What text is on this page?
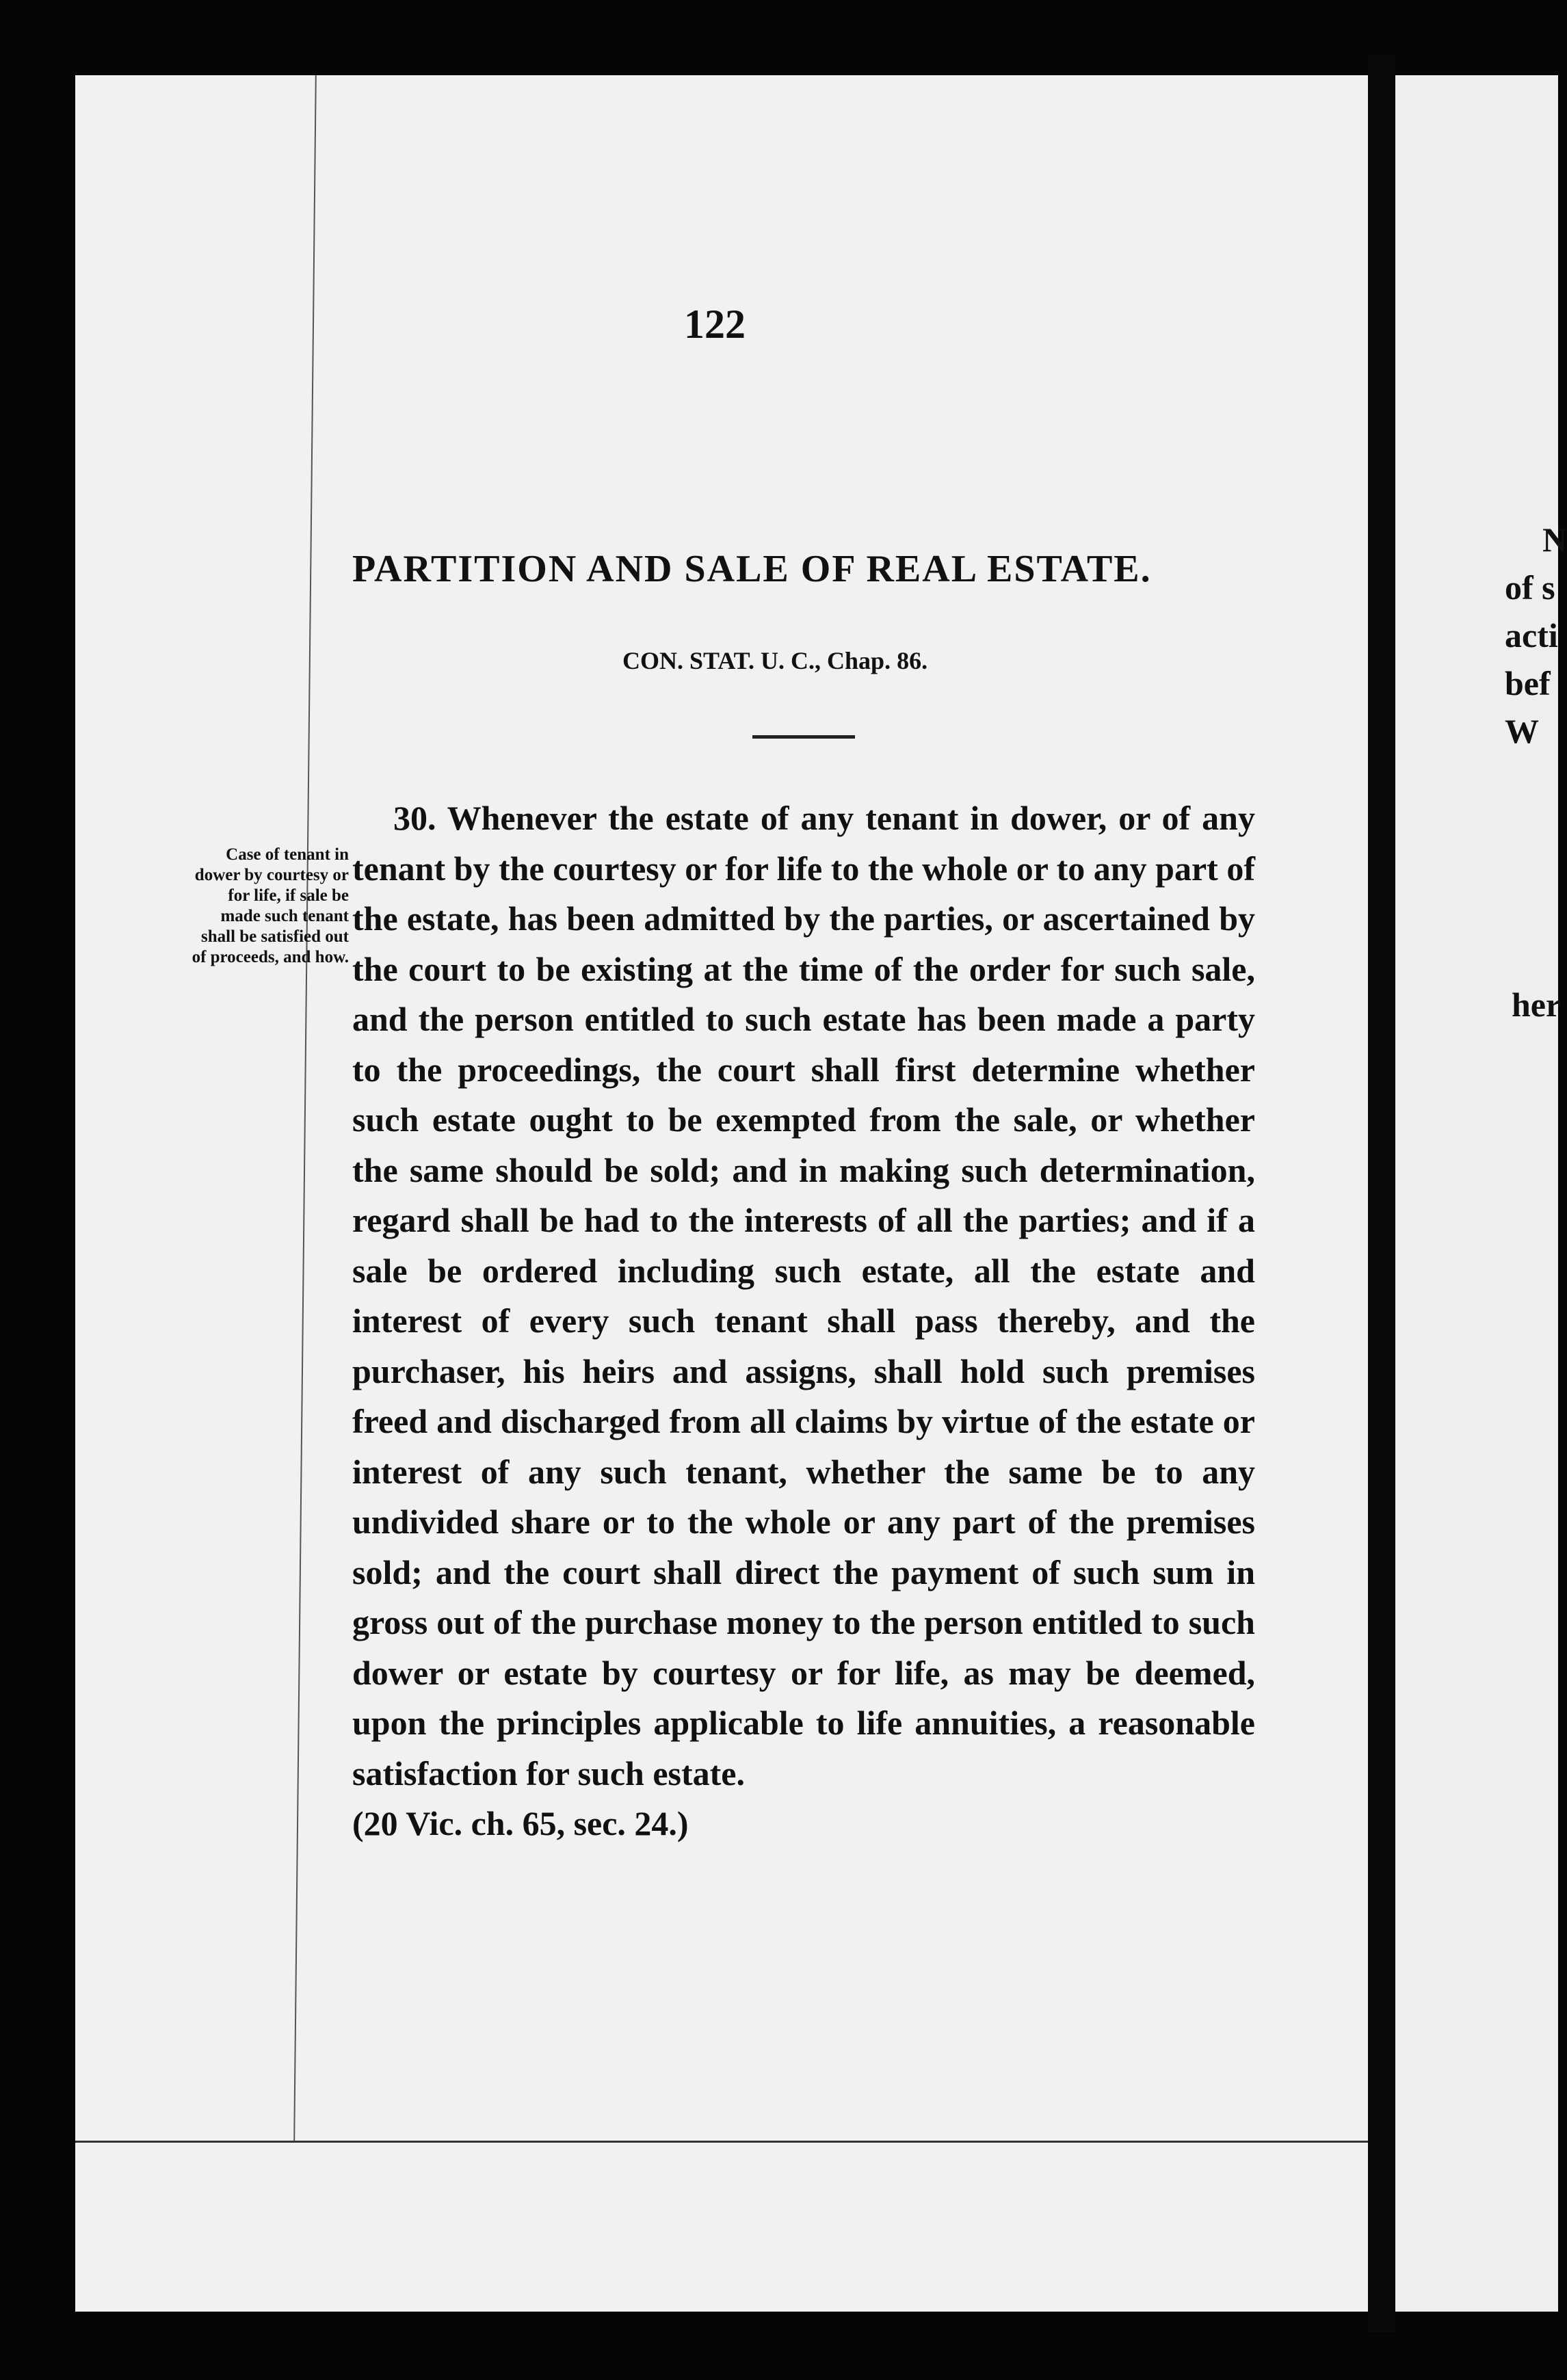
122
PARTITION AND SALE OF REAL ESTATE.
CON. STAT. U. C., Chap. 86.
Case of tenant in dower by courtesy or for life, if sale be made such tenant shall be satisfied out of proceeds, and how.
30. Whenever the estate of any tenant in dower, or of any tenant by the courtesy or for life to the whole or to any part of the estate, has been admitted by the parties, or ascertained by the court to be existing at the time of the order for such sale, and the person entitled to such estate has been made a party to the proceedings, the court shall first determine whether such estate ought to be exempted from the sale, or whether the same should be sold; and in making such determination, regard shall be had to the interests of all the parties; and if a sale be ordered including such estate, all the estate and interest of every such tenant shall pass thereby, and the purchaser, his heirs and assigns, shall hold such premises freed and discharged from all claims by virtue of the estate or interest of any such tenant, whether the same be to any undivided share or to the whole or any part of the premises sold; and the court shall direct the payment of such sum in gross out of the purchase money to the person entitled to such dower or estate by courtesy or for life, as may be deemed, upon the principles applicable to life annuities, a reasonable satisfaction for such estate.
(20 Vic. ch. 65, sec. 24.)
N
of s
acti
bef
W
her
